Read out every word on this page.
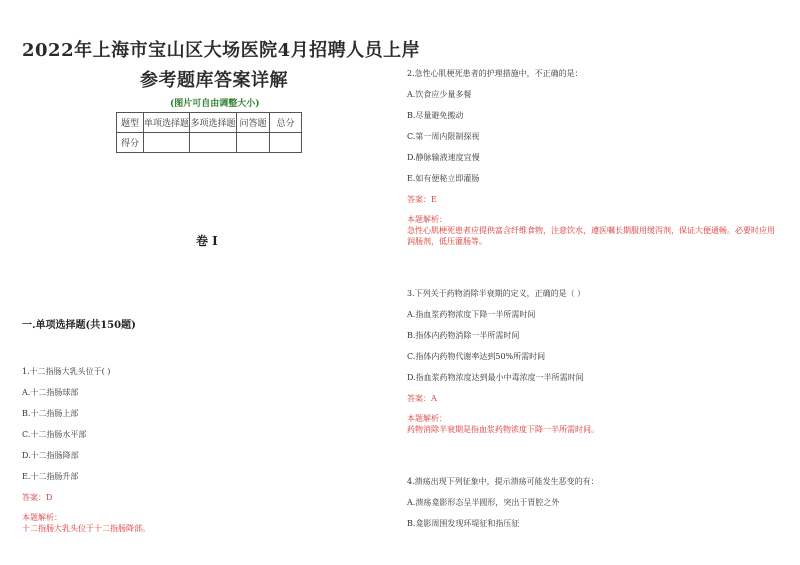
2022年上海市宝山区大场医院4月招聘人员上岸
参考题库答案详解
(图片可自由调整大小)
题型	单项选择题	多项选择题	问答题	总分
得分				
卷 I
一.单项选择题(共150题)
1.十二指肠大乳头位于( )
A.十二指肠球部
B.十二指肠上部
C.十二指肠水平部
D.十二指肠降部
E.十二指肠升部
答案：D
本题解析：
十二指肠大乳头位于十二指肠降部。
2.急性心肌梗死患者的护理措施中，不正确的是：
A.饮食应少量多餐
B.尽量避免搬动
C.第一周内限制探视
D.静脉输液速度宜慢
E.如有便秘立即灌肠
答案：E
本题解析：
急性心肌梗死患者应提供富含纤维食物，注意饮水，遵医嘱长期服用缓泻剂，保证大便通畅。必要时应用
润肠剂，低压灌肠等。
3.下列关于药物消除半衰期的定义，正确的是（ ）
A.指血浆药物浓度下降一半所需时间
B.指体内药物消除一半所需时间
C.指体内药物代谢率达到50%所需时间
D.指血浆药物浓度达到最小中毒浓度一半所需时间
答案：A
本题解析：
药物消除半衰期是指血浆药物浓度下降一半所需时间。
4.溃疡出现下列征象中，提示溃疡可能发生恶变的有：
A.溃疡龛影形态呈半圆形，突出于胃腔之外
B.龛影周围发现环堤征和指压征
